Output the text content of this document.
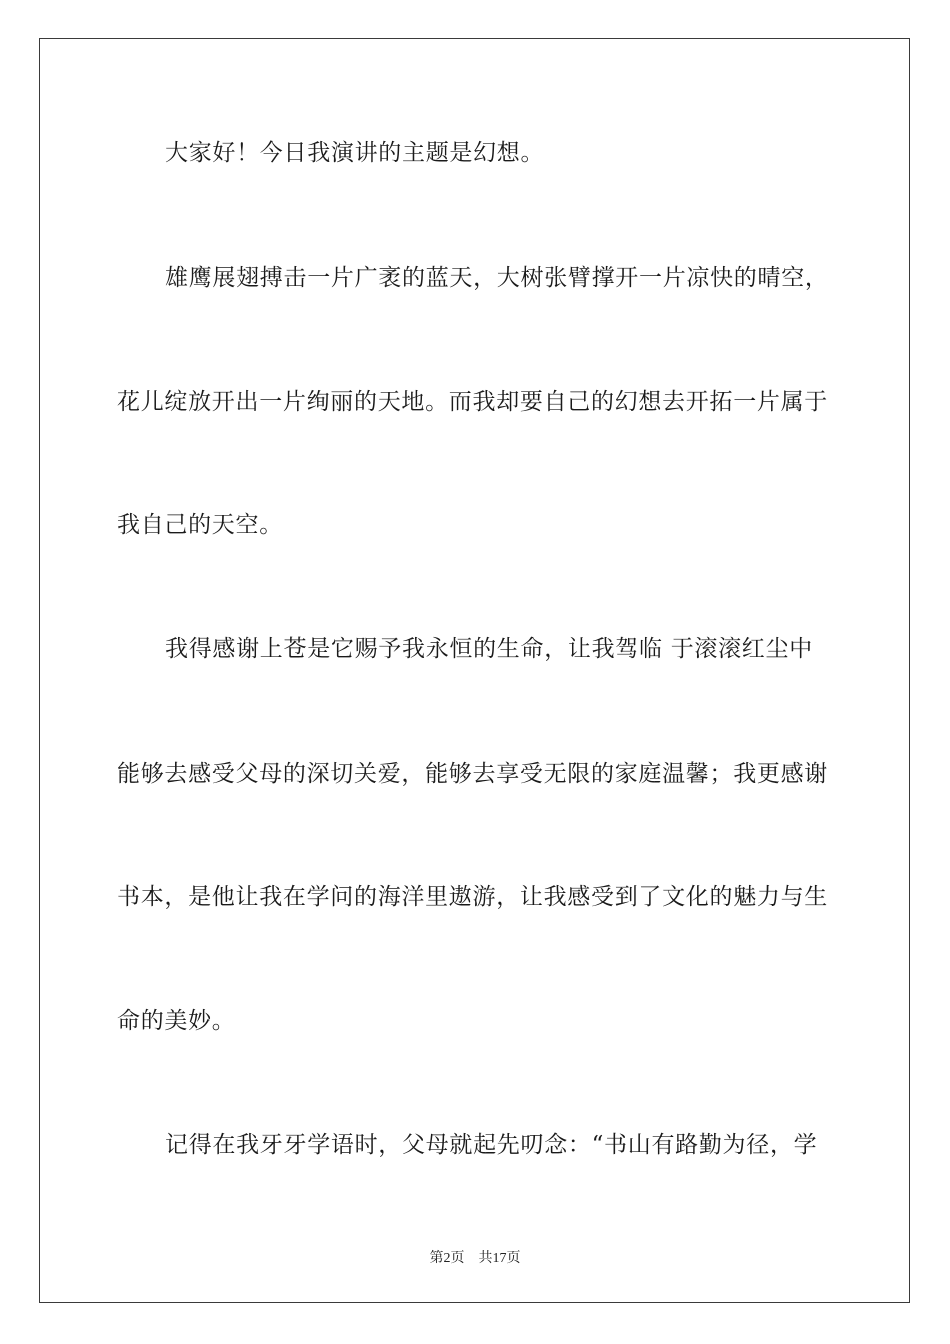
大家好！今日我演讲的主题是幻想。
雄鹰展翅搏击一片广袤的蓝天，大树张臂撑开一片凉快的晴空，
花儿绽放开出一片绚丽的天地。而我却要自己的幻想去开拓一片属于
我自己的天空。
我得感谢上苍是它赐予我永恒的生命，让我驾临 于滚滚红尘中
能够去感受父母的深切关爱，能够去享受无限的家庭温馨；我更感谢
书本，是他让我在学问的海洋里遨游，让我感受到了文化的魅力与生
命的美妙。
记得在我牙牙学语时，父母就起先叨念：“书山有路勤为径，学
第2页 共17页
